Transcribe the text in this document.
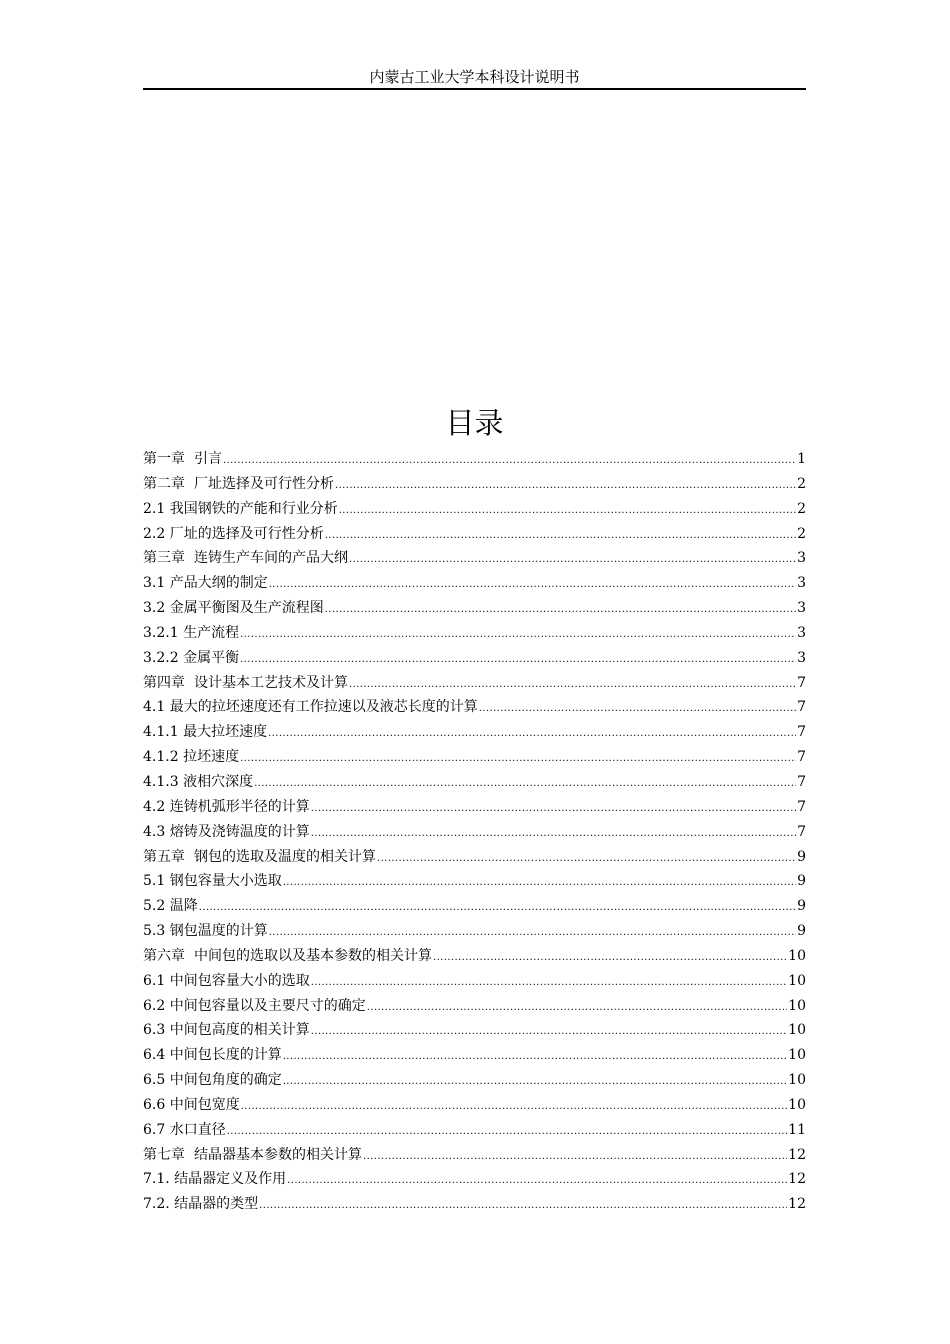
内蒙古工业大学本科设计说明书
目录
第一章 引言 .....	1
第二章 厂址选择及可行性分析 .....	2
2.1 我国钢铁的产能和行业分析 .....	2
2.2 厂址的选择及可行性分析 .....	2
第三章 连铸生产车间的产品大纲 .....	3
3.1 产品大纲的制定 .....	3
3.2 金属平衡图及生产流程图 .....	3
3.2.1 生产流程 .....	3
3.2.2 金属平衡 .....	3
第四章 设计基本工艺技术及计算 .....	7
4.1 最大的拉坯速度还有工作拉速以及液芯长度的计算 .....	7
4.1.1 最大拉坯速度 .....	7
4.1.2 拉坯速度 .....	7
4.1.3 液相穴深度 .....	7
4.2 连铸机弧形半径的计算 .....	7
4.3 熔铸及浇铸温度的计算 .....	7
第五章 钢包的选取及温度的相关计算 .....	9
5.1 钢包容量大小选取 .....	9
5.2 温降 .....	9
5.3 钢包温度的计算 .....	9
第六章 中间包的选取以及基本参数的相关计算 .....	10
6.1 中间包容量大小的选取 .....	10
6.2 中间包容量以及主要尺寸的确定 .....	10
6.3 中间包高度的相关计算 .....	10
6.4 中间包长度的计算 .....	10
6.5 中间包角度的确定 .....	10
6.6 中间包宽度 .....	10
6.7 水口直径 .....	11
第七章 结晶器基本参数的相关计算 .....	12
7.1. 结晶器定义及作用 .....	12
7.2. 结晶器的类型 .....	12
